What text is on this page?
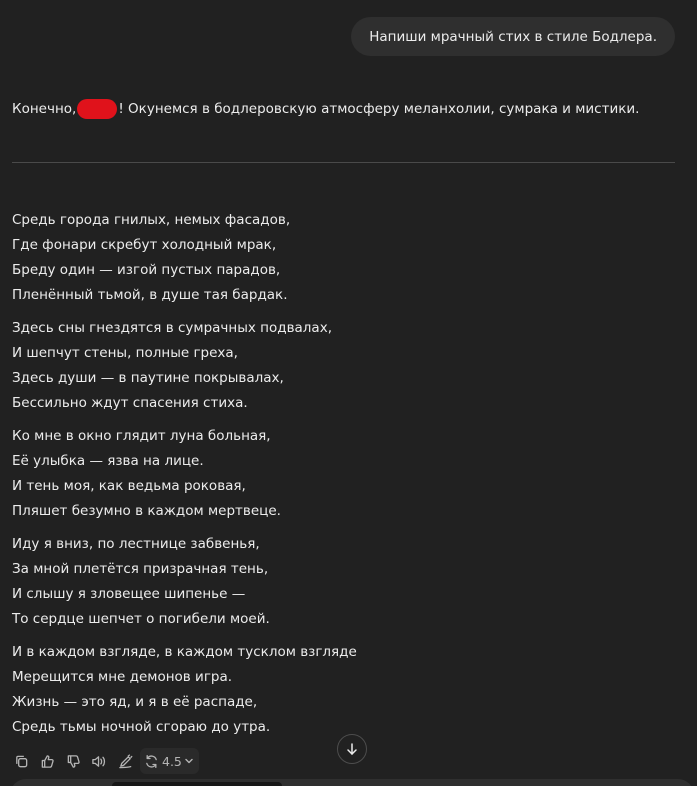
Напиши мрачный стих в стиле Бодлера.
Конечно,	! Окунемся в бодлеровскую атмосферу меланхолии, сумрака и мистики.
Средь города гнилых, немых фасадов,
Где фонари скребут холодный мрак,
Бреду один — изгой пустых парадов,
Пленённый тьмой, в душе тая бардак.
Здесь сны гнездятся в сумрачных подвалах,
И шепчут стены, полные греха,
Здесь души — в паутине покрывалах,
Бессильно ждут спасения стиха.
Ко мне в окно глядит луна больная,
Её улыбка — язва на лице.
И тень моя, как ведьма роковая,
Пляшет безумно в каждом мертвеце.
Иду я вниз, по лестнице забвенья,
За мной плетётся призрачная тень,
И слышу я зловещее шипенье —
То сердце шепчет о погибели моей.
И в каждом взгляде, в каждом тусклом взгляде
Мерещится мне демонов игра.
Жизнь — это яд, и я в её распаде,
Средь тьмы ночной сгораю до утра.
4.5
